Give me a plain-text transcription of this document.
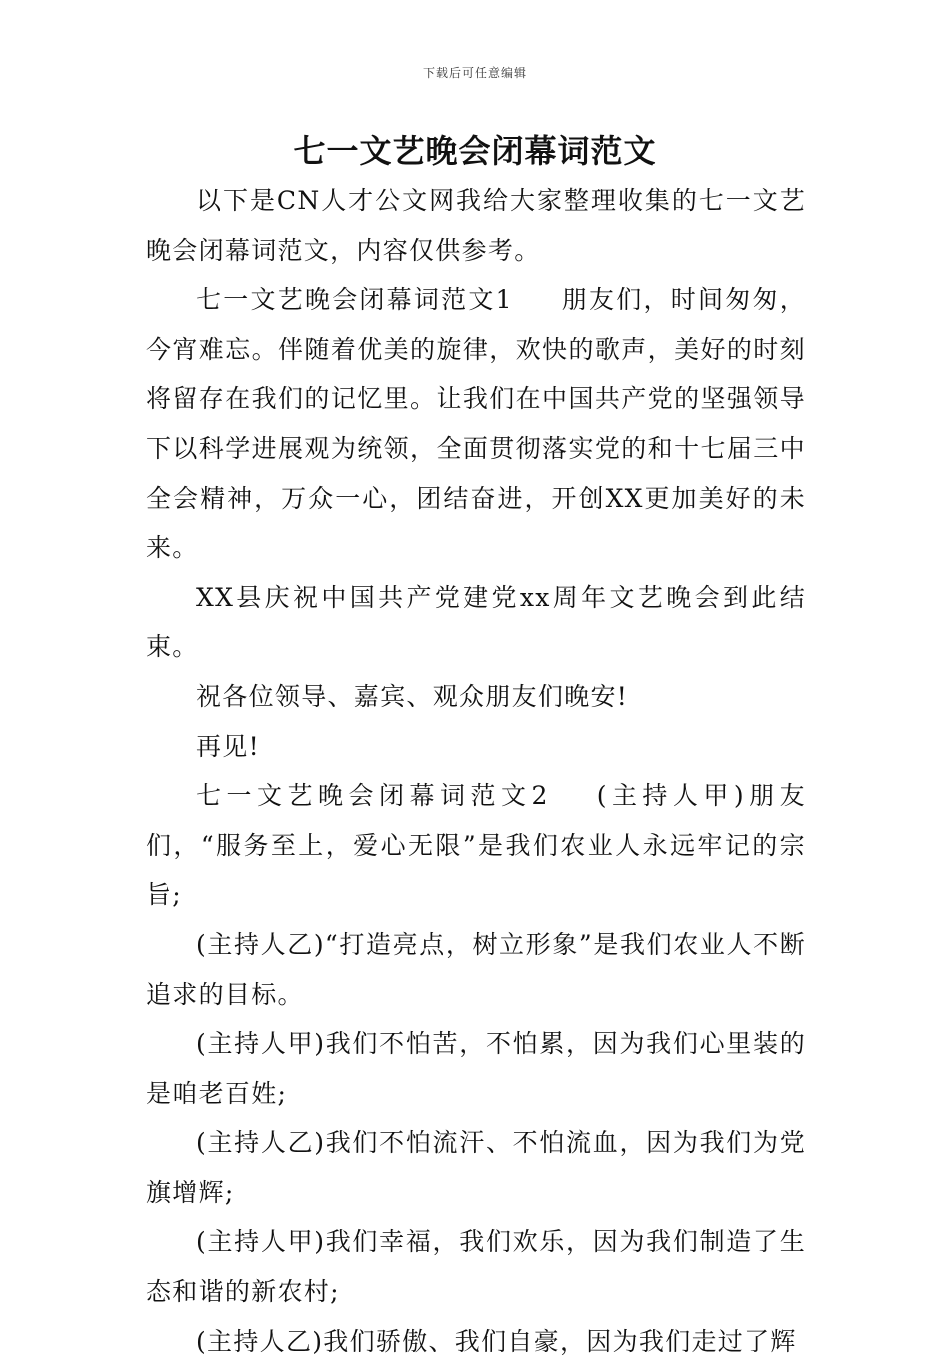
下载后可任意编辑
七一文艺晚会闭幕词范文

以下是CN人才公文网我给大家整理收集的七一文艺晚会闭幕词范文，内容仅供参考。

七一文艺晚会闭幕词范文1 朋友们，时间匆匆，今宵难忘。伴随着优美的旋律，欢快的歌声，美好的时刻将留存在我们的记忆里。让我们在中国共产党的坚强领导下以科学进展观为统领，全面贯彻落实党的和十七届三中全会精神，万众一心，团结奋进，开创XX更加美好的未来。

XX县庆祝中国共产党建党xx周年文艺晚会到此结束。

祝各位领导、嘉宾、观众朋友们晚安!

再见!

七一文艺晚会闭幕词范文2 (主持人甲)朋友们，“服务至上，爱心无限”是我们农业人永远牢记的宗旨;

(主持人乙)“打造亮点，树立形象”是我们农业人不断追求的目标。

(主持人甲)我们不怕苦，不怕累，因为我们心里装的是咱老百姓;

(主持人乙)我们不怕流汗、不怕流血，因为我们为党旗增辉;

(主持人甲)我们幸福，我们欢乐，因为我们制造了生态和谐的新农村;

(主持人乙)我们骄傲、我们自豪，因为我们走过了辉
